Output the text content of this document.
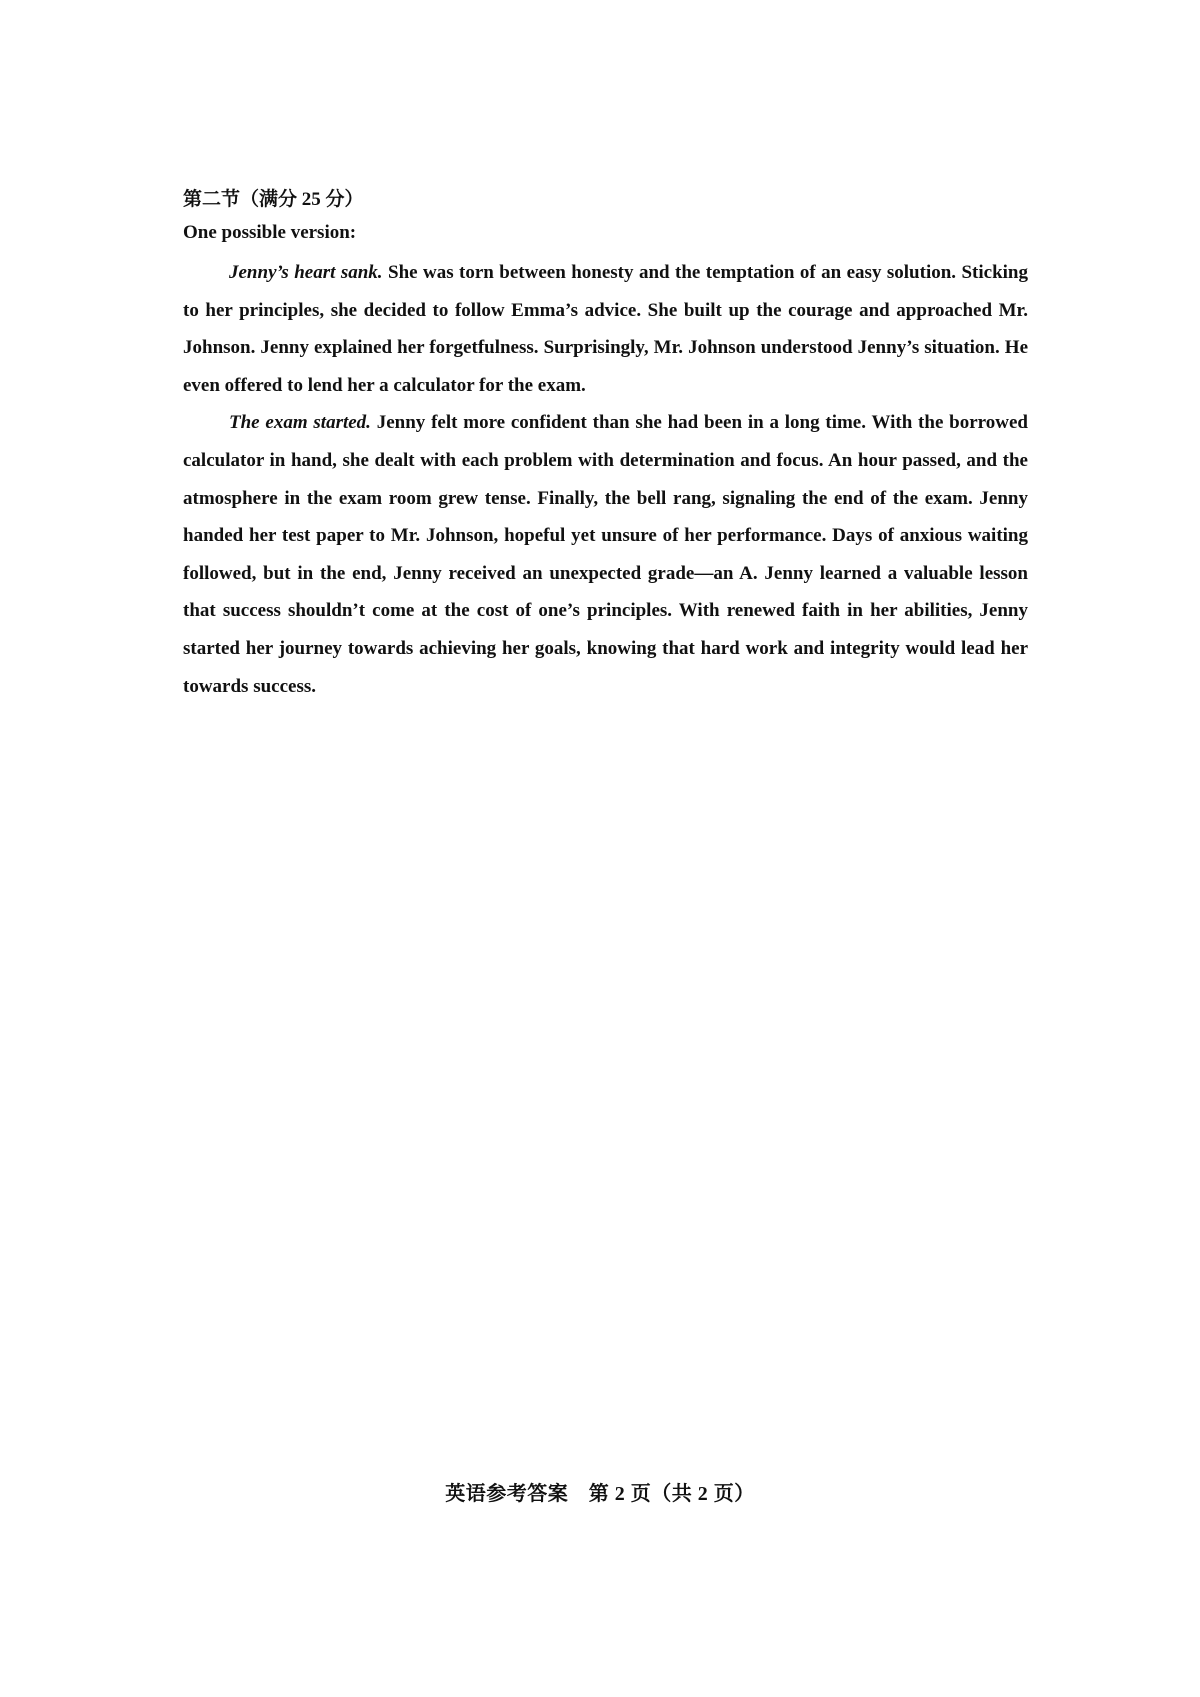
第二节（满分 25 分）

One possible version:

Jenny’s heart sank. She was torn between honesty and the temptation of an easy solution. Sticking to her principles, she decided to follow Emma’s advice. She built up the courage and approached Mr. Johnson. Jenny explained her forgetfulness. Surprisingly, Mr. Johnson understood Jenny’s situation. He even offered to lend her a calculator for the exam.

The exam started. Jenny felt more confident than she had been in a long time. With the borrowed calculator in hand, she dealt with each problem with determination and focus. An hour passed, and the atmosphere in the exam room grew tense. Finally, the bell rang, signaling the end of the exam. Jenny handed her test paper to Mr. Johnson, hopeful yet unsure of her performance. Days of anxious waiting followed, but in the end, Jenny received an unexpected grade—an A. Jenny learned a valuable lesson that success shouldn’t come at the cost of one’s principles. With renewed faith in her abilities, Jenny started her journey towards achieving her goals, knowing that hard work and integrity would lead her towards success.

英语参考答案　第 2 页（共 2 页）
